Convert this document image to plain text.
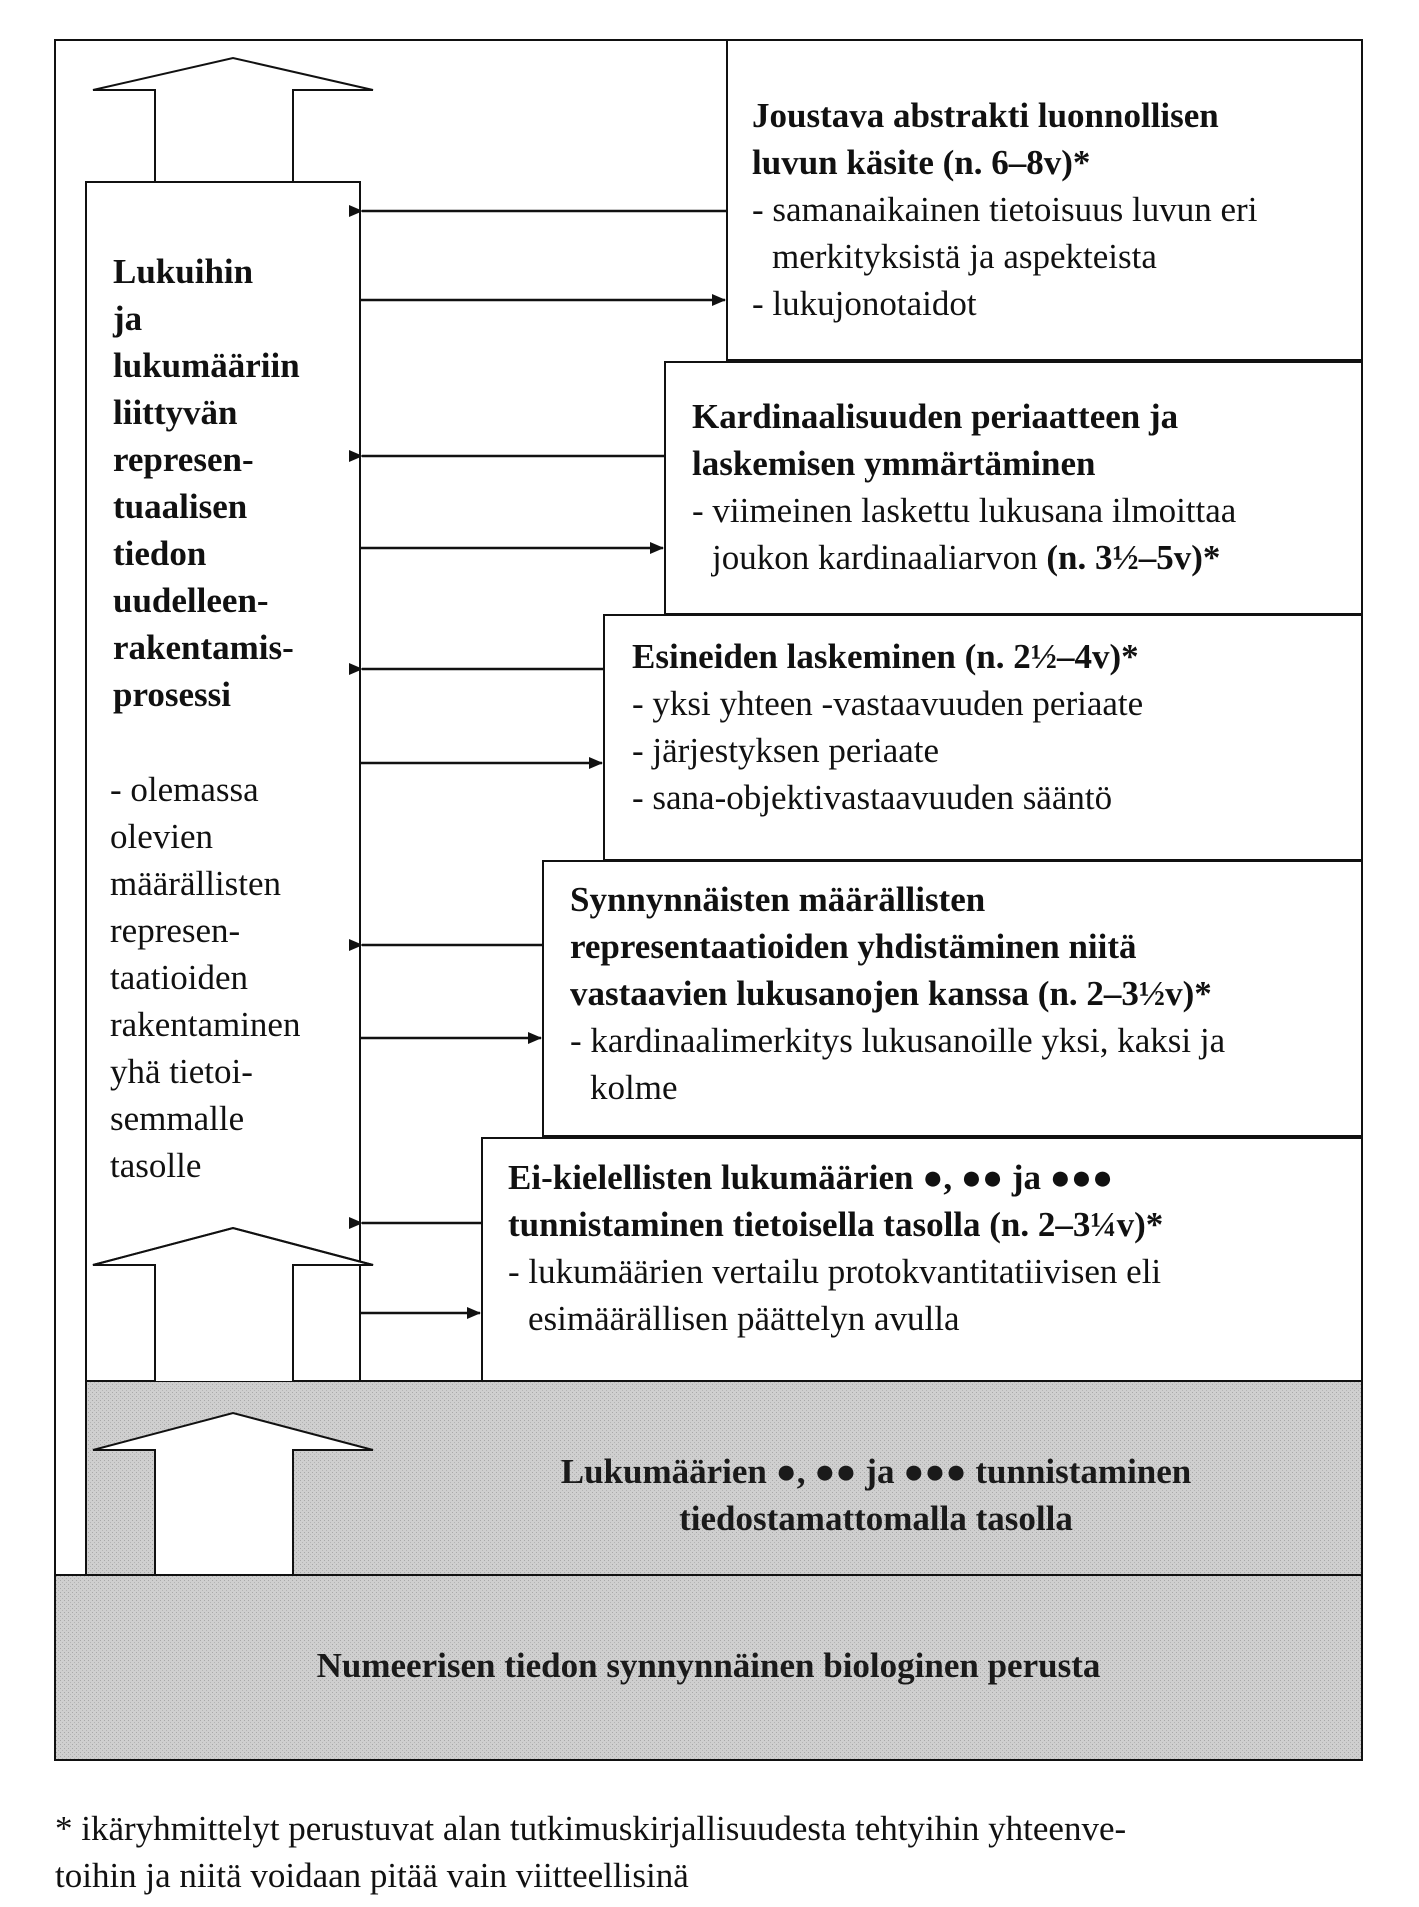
Lukuihin
ja
lukumääriin
liittyvän
represen-
tuaalisen
tiedon
uudelleen-
rakentamis-
prosessi
- olemassa
olevien
määrällisten
represen-
taatioiden
rakentaminen
yhä tietoi-
semmalle
tasolle
Joustava abstrakti luonnollisen
luvun käsite (n. 6–8v)*
- samanaikainen tietoisuus luvun eri
merkityksistä ja aspekteista
- lukujonotaidot
Kardinaalisuuden periaatteen ja
laskemisen ymmärtäminen
- viimeinen laskettu lukusana ilmoittaa
joukon kardinaaliarvon (n. 3½–5v)*
Esineiden laskeminen (n. 2½–4v)*
- yksi yhteen -vastaavuuden periaate
- järjestyksen periaate
- sana-objektivastaavuuden sääntö
Synnynnäisten määrällisten
representaatioiden yhdistäminen niitä
vastaavien lukusanojen kanssa (n. 2–3½v)*
- kardinaalimerkitys lukusanoille yksi, kaksi ja
kolme
Ei-kielellisten lukumäärien ●, ●● ja ●●●
tunnistaminen tietoisella tasolla (n. 2–3¼v)*
- lukumäärien vertailu protokvantitatiivisen eli
esimäärällisen päättelyn avulla
Lukumäärien ●, ●● ja ●●● tunnistaminen
tiedostamattomalla tasolla
Numeerisen tiedon synnynnäinen biologinen perusta
* ikäryhmittelyt perustuvat alan tutkimuskirjallisuudesta tehtyihin yhteenve-
toihin ja niitä voidaan pitää vain viitteellisinä
